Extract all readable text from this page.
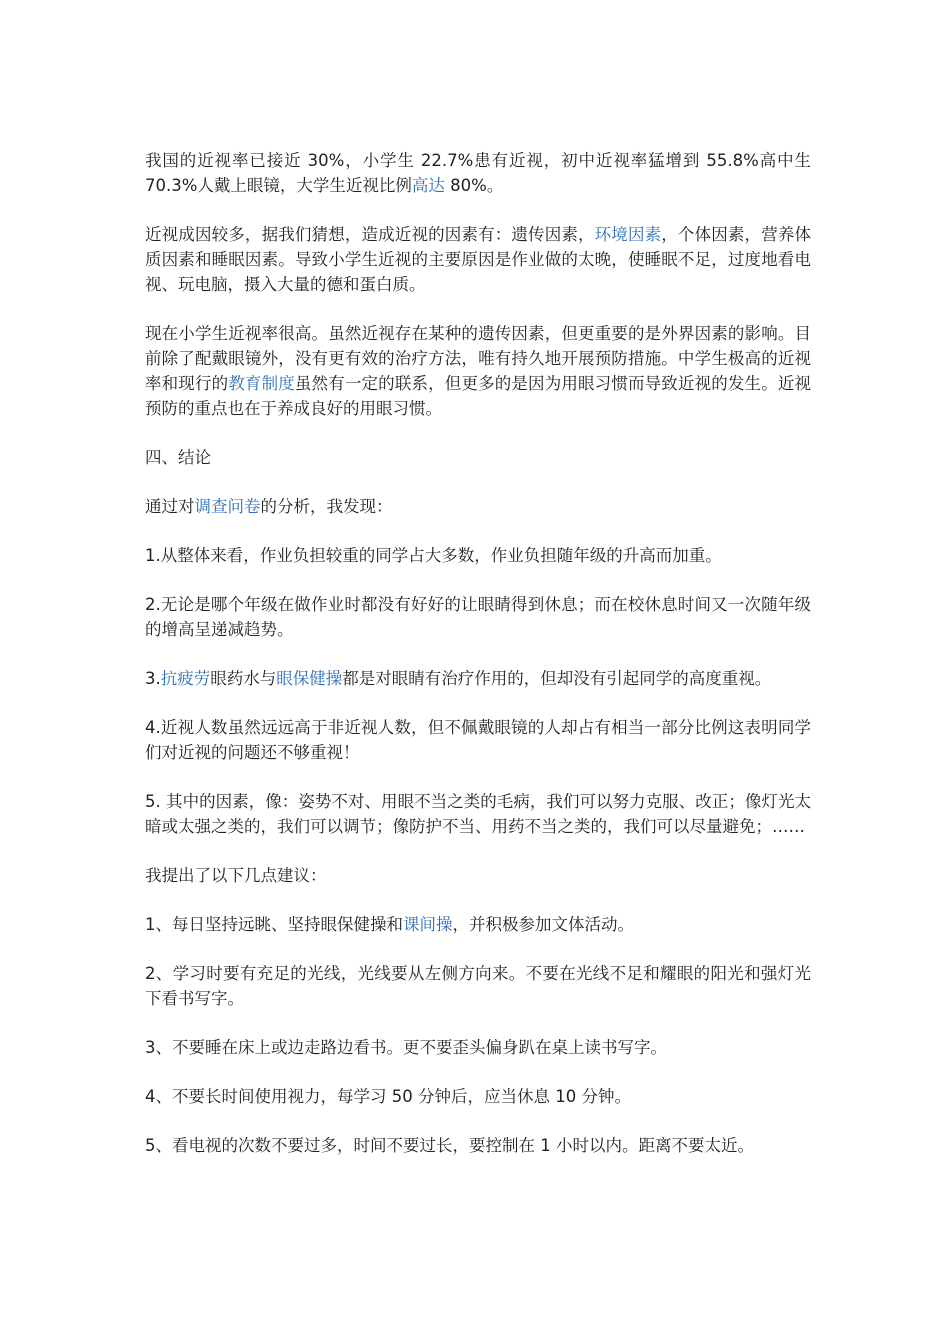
我国的近视率已接近 30%，小学生 22.7%患有近视，初中近视率猛增到 55.8%高中生 70.3%人戴上眼镜，大学生近视比例高达 80%。

近视成因较多，据我们猜想，造成近视的因素有：遗传因素，环境因素，个体因素，营养体质因素和睡眠因素。导致小学生近视的主要原因是作业做的太晚，使睡眠不足，过度地看电视、玩电脑，摄入大量的德和蛋白质。

现在小学生近视率很高。虽然近视存在某种的遗传因素，但更重要的是外界因素的影响。目前除了配戴眼镜外，没有更有效的治疗方法，唯有持久地开展预防措施。中学生极高的近视率和现行的教育制度虽然有一定的联系，但更多的是因为用眼习惯而导致近视的发生。近视预防的重点也在于养成良好的用眼习惯。

四、结论

通过对调查问卷的分析，我发现：

1.从整体来看，作业负担较重的同学占大多数，作业负担随年级的升高而加重。

2.无论是哪个年级在做作业时都没有好好的让眼睛得到休息；而在校休息时间又一次随年级的增高呈递减趋势。

3.抗疲劳眼药水与眼保健操都是对眼睛有治疗作用的，但却没有引起同学的高度重视。

4.近视人数虽然远远高于非近视人数，但不佩戴眼镜的人却占有相当一部分比例这表明同学们对近视的问题还不够重视！

5. 其中的因素，像：姿势不对、用眼不当之类的毛病，我们可以努力克服、改正；像灯光太暗或太强之类的，我们可以调节；像防护不当、用药不当之类的，我们可以尽量避免；……

我提出了以下几点建议：

1、每日坚持远眺、坚持眼保健操和课间操，并积极参加文体活动。

2、学习时要有充足的光线，光线要从左侧方向来。不要在光线不足和耀眼的阳光和强灯光下看书写字。

3、不要睡在床上或边走路边看书。更不要歪头偏身趴在桌上读书写字。

4、不要长时间使用视力，每学习 50 分钟后，应当休息 10 分钟。

5、看电视的次数不要过多，时间不要过长，要控制在 1 小时以内。距离不要太近。
